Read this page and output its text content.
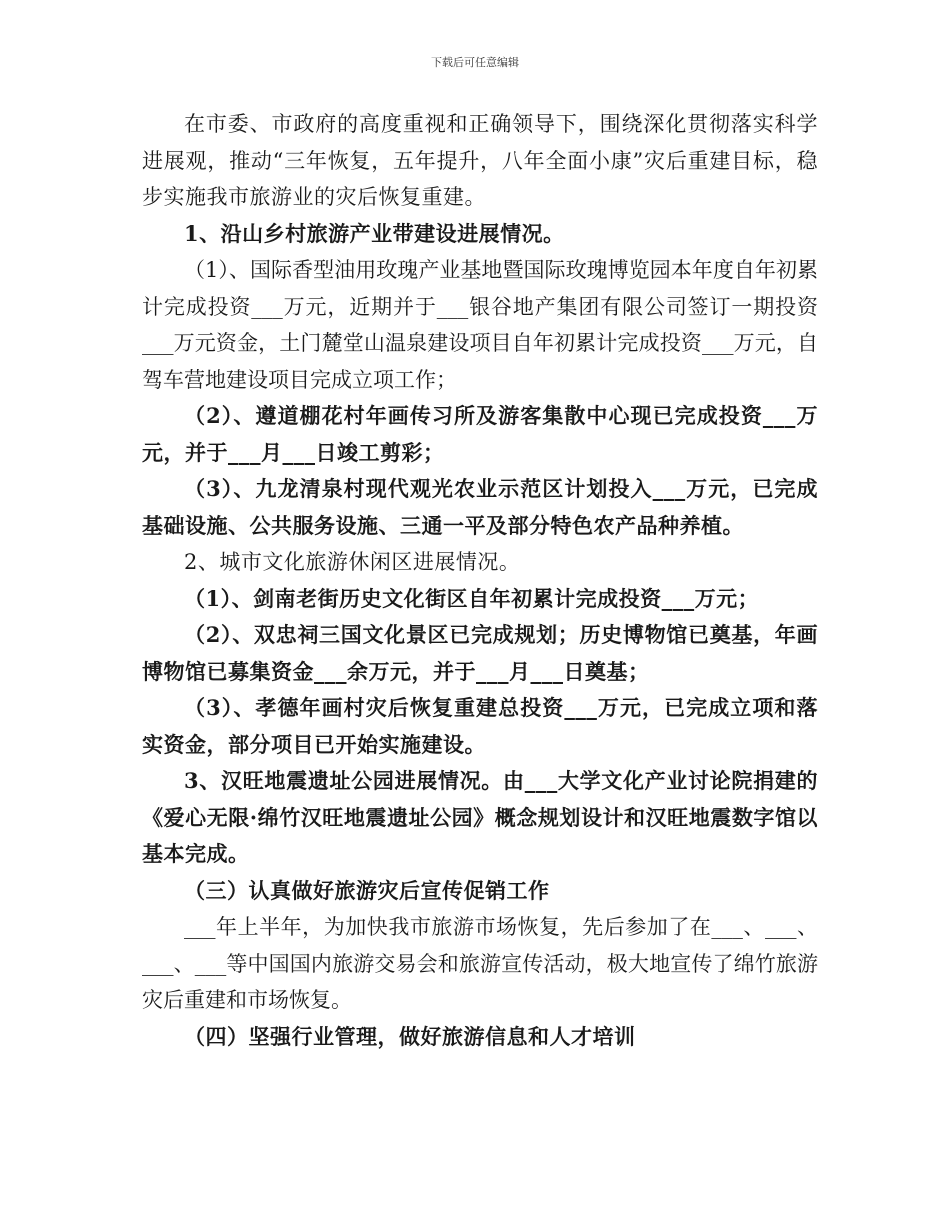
下载后可任意编辑

在市委、市政府的高度重视和正确领导下，围绕深化贯彻落实科学进展观，推动“三年恢复，五年提升，八年全面小康”灾后重建目标，稳步实施我市旅游业的灾后恢复重建。

1、沿山乡村旅游产业带建设进展情况。

（1）、国际香型油用玫瑰产业基地暨国际玫瑰博览园本年度自年初累计完成投资___万元，近期并于___银谷地产集团有限公司签订一期投资___万元资金，土门麓堂山温泉建设项目自年初累计完成投资___万元，自驾车营地建设项目完成立项工作；

（2）、遵道棚花村年画传习所及游客集散中心现已完成投资___万元，并于___月___日竣工剪彩；

（3）、九龙清泉村现代观光农业示范区计划投入___万元，已完成基础设施、公共服务设施、三通一平及部分特色农产品种养植。

2、城市文化旅游休闲区进展情况。

（1）、剑南老街历史文化街区自年初累计完成投资___万元；

（2）、双忠祠三国文化景区已完成规划；历史博物馆已奠基，年画博物馆已募集资金___余万元，并于___月___日奠基；

（3）、孝德年画村灾后恢复重建总投资___万元，已完成立项和落实资金，部分项目已开始实施建设。

3、汉旺地震遗址公园进展情况。由___大学文化产业讨论院捐建的《爱心无限·绵竹汉旺地震遗址公园》概念规划设计和汉旺地震数字馆以基本完成。

（三）认真做好旅游灾后宣传促销工作

___年上半年，为加快我市旅游市场恢复，先后参加了在___、___、___、___等中国国内旅游交易会和旅游宣传活动，极大地宣传了绵竹旅游灾后重建和市场恢复。

（四）坚强行业管理，做好旅游信息和人才培训
